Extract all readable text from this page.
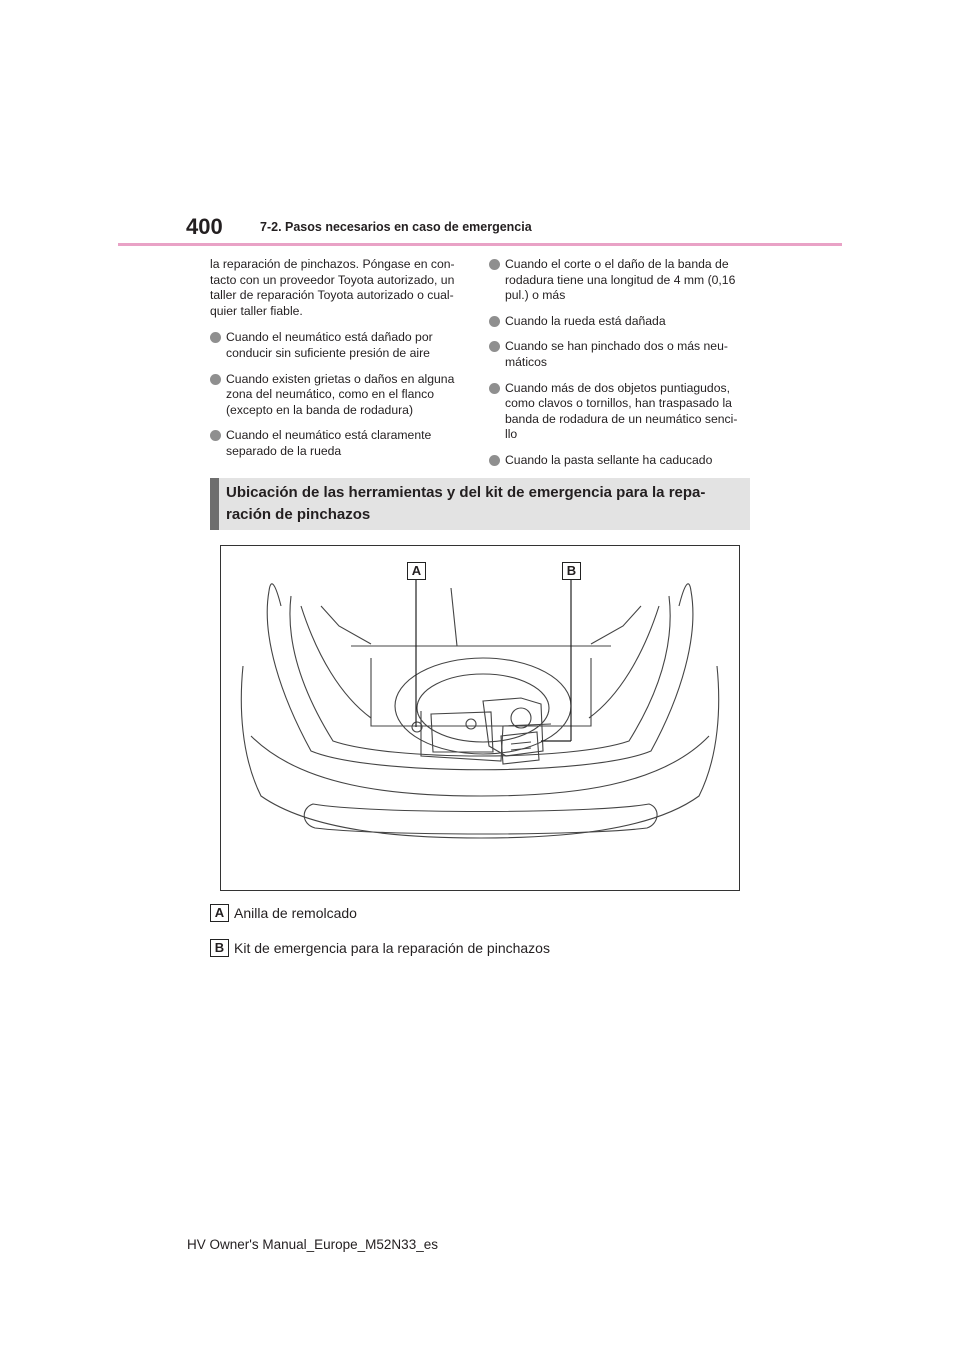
400	7-2. Pasos necesarios en caso de emergencia

la reparación de pinchazos. Póngase en con-
tacto con un proveedor Toyota autorizado, un
taller de reparación Toyota autorizado o cual-
quier taller fiable.

Cuando el neumático está dañado por
conducir sin suficiente presión de aire
Cuando existen grietas o daños en alguna
zona del neumático, como en el flanco
(excepto en la banda de rodadura)
Cuando el neumático está claramente
separado de la rueda
Cuando el corte o el daño de la banda de
rodadura tiene una longitud de 4 mm (0,16
pul.) o más
Cuando la rueda está dañada
Cuando se han pinchado dos o más neu-
máticos
Cuando más de dos objetos puntiagudos,
como clavos o tornillos, han traspasado la
banda de rodadura de un neumático senci-
llo
Cuando la pasta sellante ha caducado
Ubicación de las herramientas y del kit de emergencia para la repa-
ración de pinchazos
A	B
A Anilla de remolcado
B Kit de emergencia para la reparación de pinchazos
HV Owner's Manual_Europe_M52N33_es
